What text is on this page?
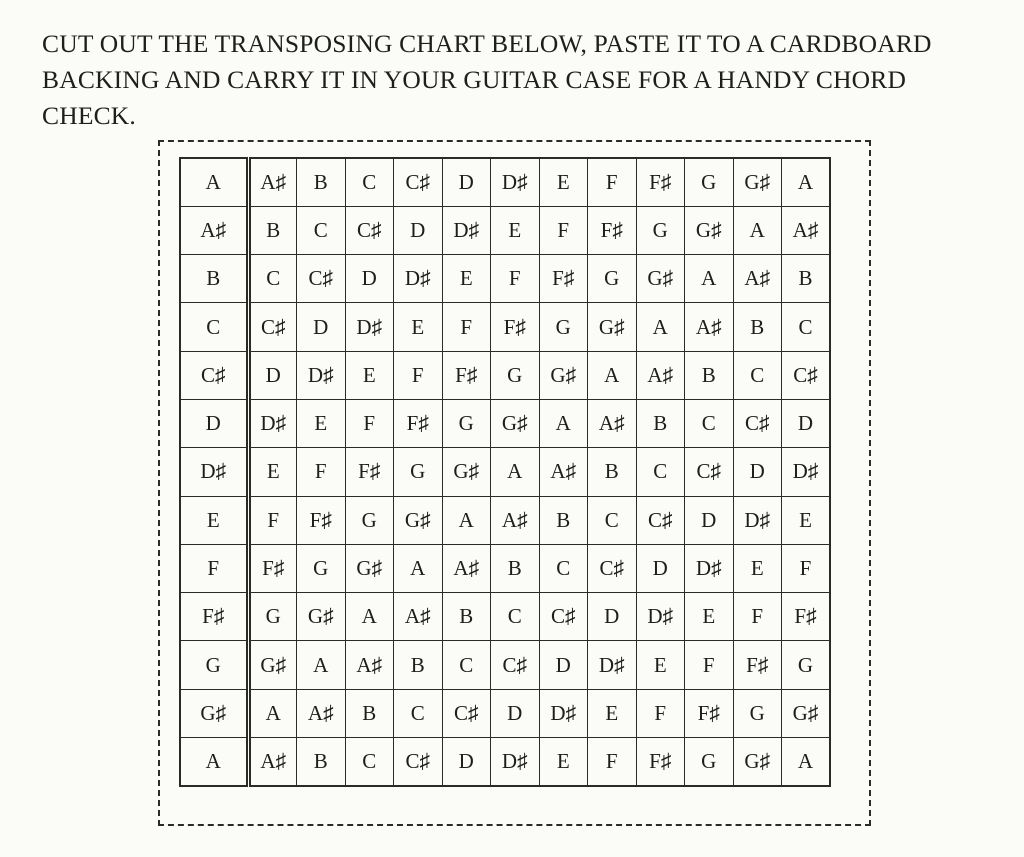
CUT OUT THE TRANSPOSING CHART BELOW, PASTE IT TO A CARDBOARD
BACKING AND CARRY IT IN YOUR GUITAR CASE FOR A HANDY CHORD
CHECK.

A	A♯	B	C	C♯	D	D♯	E	F	F♯	G	G♯	A
A♯	B	C	C♯	D	D♯	E	F	F♯	G	G♯	A	A♯
B	C	C♯	D	D♯	E	F	F♯	G	G♯	A	A♯	B
C	C♯	D	D♯	E	F	F♯	G	G♯	A	A♯	B	C
C♯	D	D♯	E	F	F♯	G	G♯	A	A♯	B	C	C♯
D	D♯	E	F	F♯	G	G♯	A	A♯	B	C	C♯	D
D♯	E	F	F♯	G	G♯	A	A♯	B	C	C♯	D	D♯
E	F	F♯	G	G♯	A	A♯	B	C	C♯	D	D♯	E
F	F♯	G	G♯	A	A♯	B	C	C♯	D	D♯	E	F
F♯	G	G♯	A	A♯	B	C	C♯	D	D♯	E	F	F♯
G	G♯	A	A♯	B	C	C♯	D	D♯	E	F	F♯	G
G♯	A	A♯	B	C	C♯	D	D♯	E	F	F♯	G	G♯
A	A♯	B	C	C♯	D	D♯	E	F	F♯	G	G♯	A
